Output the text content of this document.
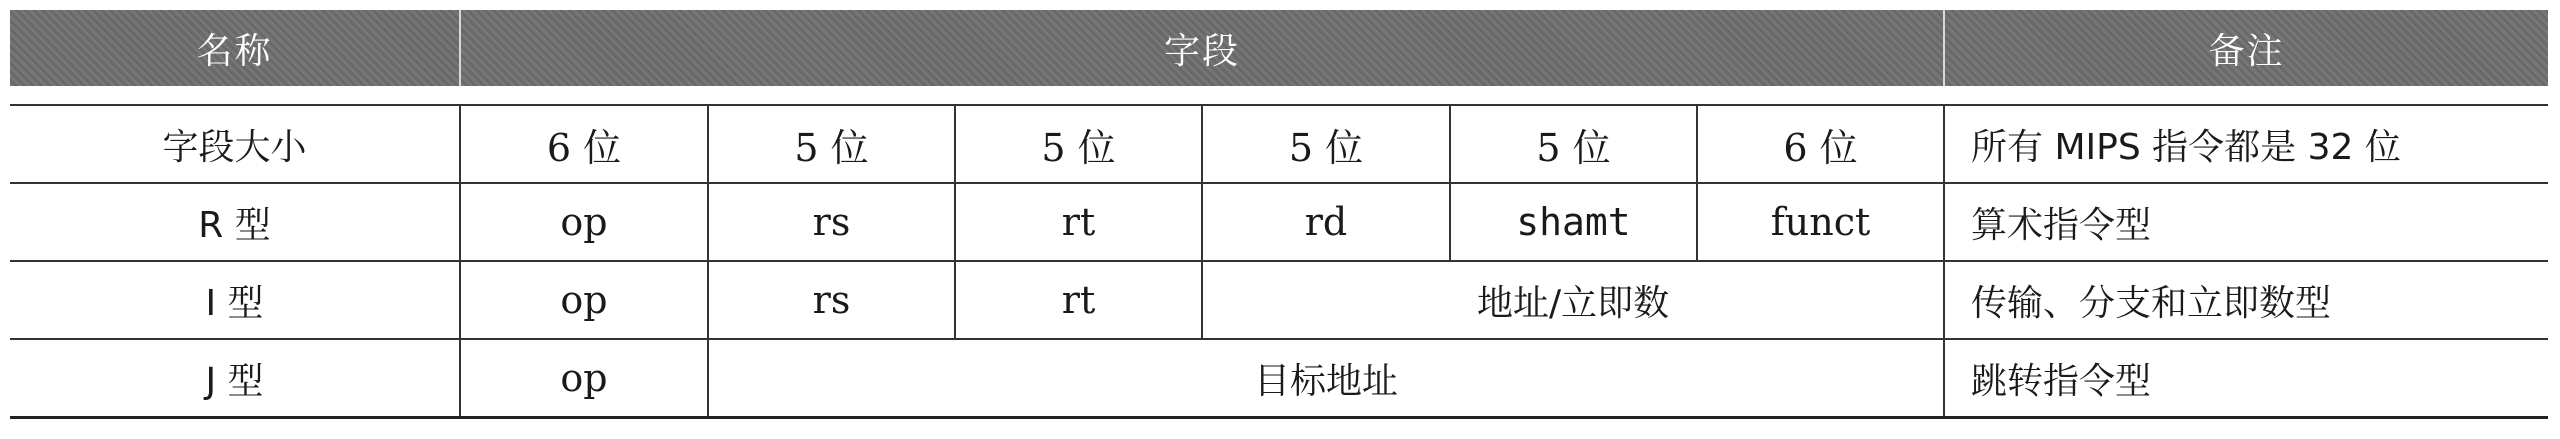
名称	字段						备注

字段大小	6 位	5 位	5 位	5 位	5 位	6 位	所有 MIPS 指令都是 32 位
R 型	op	rs	rt	rd	shamt	funct	算术指令型
I 型	op	rs	rt	地址/立即数			传输、分支和立即数型
J 型	op	目标地址					跳转指令型
